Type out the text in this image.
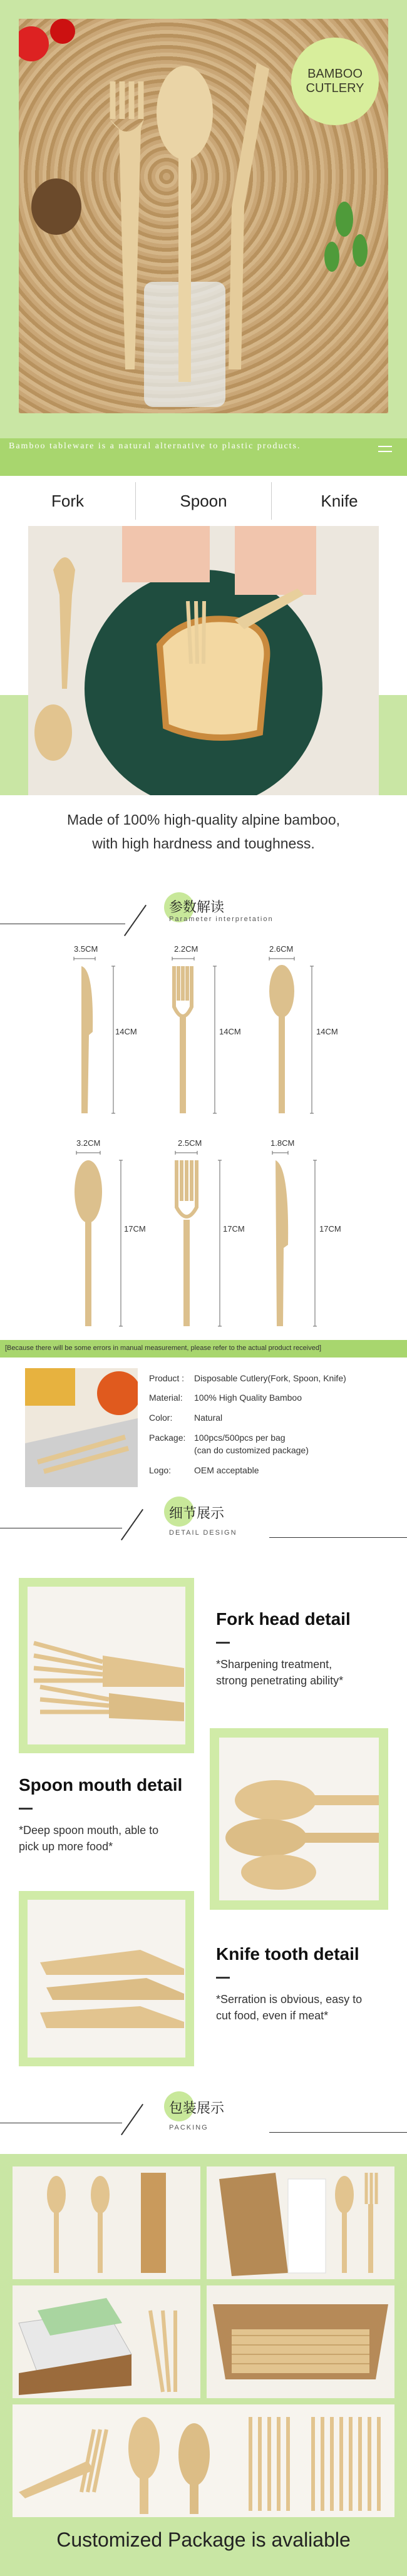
BAMBOO
CUTLERY
Bamboo tableware is a natural alternative to plastic products.
Fork	Spoon	Knife
Made of 100% high-quality alpine bamboo,
with high hardness and toughness.
参数解读
Parameter interpretation
3.5CM
14CM
2.2CM
14CM
2.6CM
14CM
3.2CM
17CM
2.5CM
17CM
1.8CM
17CM
[Because there will be some errors in manual measurement, please refer to the actual product received]
Product : Disposable Cutlery(Fork, Spoon, Knife)
Material: 100% High Quality Bamboo
Color: Natural
Package: 100pcs/500pcs per bag
(can do customized package)
Logo:	OEM acceptable
细节展示
DETAIL DESIGN
Fork head detail
*Sharpening treatment,
strong penetrating ability*
Spoon mouth detail
*Deep spoon mouth, able to
pick up more food*
Knife tooth detail
*Serration is obvious, easy to
cut food, even if meat*
包装展示
PACKING
Customized Package is avaliable
